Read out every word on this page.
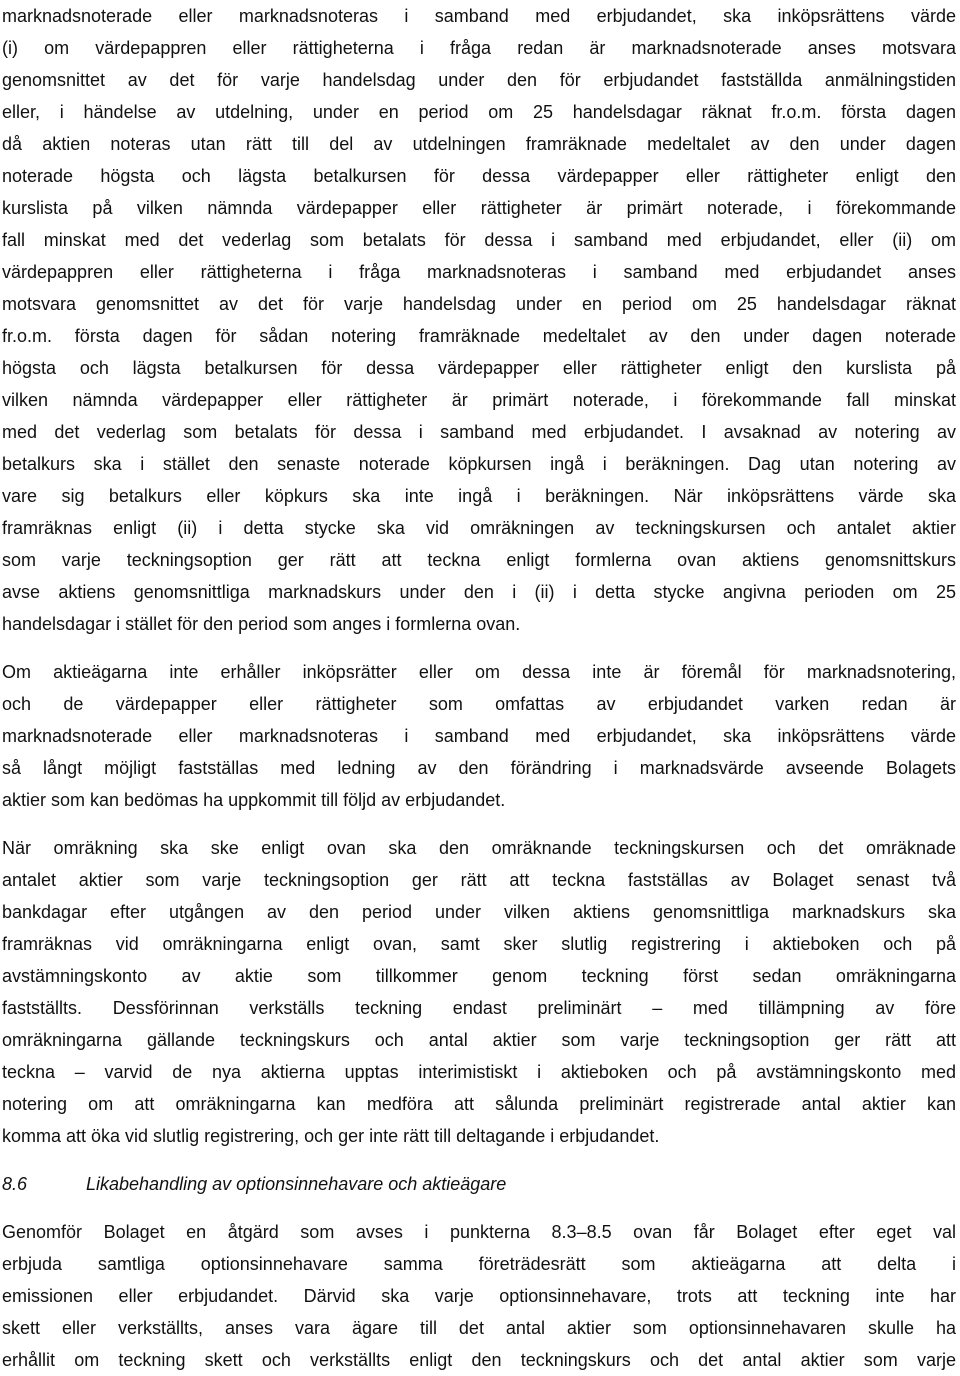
marknadsnoterade eller marknadsnoteras i samband med erbjudandet, ska inköpsrättens värde
(i) om värdepappren eller rättigheterna i fråga redan är marknadsnoterade anses motsvara
genomsnittet av det för varje handelsdag under den för erbjudandet fastställda anmälningstiden
eller, i händelse av utdelning, under en period om 25 handelsdagar räknat fr.o.m. första dagen
då aktien noteras utan rätt till del av utdelningen framräknade medeltalet av den under dagen
noterade högsta och lägsta betalkursen för dessa värdepapper eller rättigheter enligt den
kurslista på vilken nämnda värdepapper eller rättigheter är primärt noterade, i förekommande
fall minskat med det vederlag som betalats för dessa i samband med erbjudandet, eller (ii) om
värdepappren eller rättigheterna i fråga marknadsnoteras i samband med erbjudandet anses
motsvara genomsnittet av det för varje handelsdag under en period om 25 handelsdagar räknat
fr.o.m. första dagen för sådan notering framräknade medeltalet av den under dagen noterade
högsta och lägsta betalkursen för dessa värdepapper eller rättigheter enligt den kurslista på
vilken nämnda värdepapper eller rättigheter är primärt noterade, i förekommande fall minskat
med det vederlag som betalats för dessa i samband med erbjudandet. I avsaknad av notering av
betalkurs ska i stället den senaste noterade köpkursen ingå i beräkningen. Dag utan notering av
vare sig betalkurs eller köpkurs ska inte ingå i beräkningen. När inköpsrättens värde ska
framräknas enligt (ii) i detta stycke ska vid omräkningen av teckningskursen och antalet aktier
som varje teckningsoption ger rätt att teckna enligt formlerna ovan aktiens genomsnittskurs
avse aktiens genomsnittliga marknadskurs under den i (ii) i detta stycke angivna perioden om 25
handelsdagar i stället för den period som anges i formlerna ovan.
Om aktieägarna inte erhåller inköpsrätter eller om dessa inte är föremål för marknadsnotering,
och de värdepapper eller rättigheter som omfattas av erbjudandet varken redan är
marknadsnoterade eller marknadsnoteras i samband med erbjudandet, ska inköpsrättens värde
så långt möjligt fastställas med ledning av den förändring i marknadsvärde avseende Bolagets
aktier som kan bedömas ha uppkommit till följd av erbjudandet.
När omräkning ska ske enligt ovan ska den omräknande teckningskursen och det omräknade
antalet aktier som varje teckningsoption ger rätt att teckna fastställas av Bolaget senast två
bankdagar efter utgången av den period under vilken aktiens genomsnittliga marknadskurs ska
framräknas vid omräkningarna enligt ovan, samt sker slutlig registrering i aktieboken och på
avstämningskonto av aktie som tillkommer genom teckning först sedan omräkningarna
fastställts. Dessförinnan verkställs teckning endast preliminärt – med tillämpning av före
omräkningarna gällande teckningskurs och antal aktier som varje teckningsoption ger rätt att
teckna – varvid de nya aktierna upptas interimistiskt i aktieboken och på avstämningskonto med
notering om att omräkningarna kan medföra att sålunda preliminärt registrerade antal aktier kan
komma att öka vid slutlig registrering, och ger inte rätt till deltagande i erbjudandet.
8.6	Likabehandling av optionsinnehavare och aktieägare
Genomför Bolaget en åtgärd som avses i punkterna 8.3–8.5 ovan får Bolaget efter eget val
erbjuda samtliga optionsinnehavare samma företrädesrätt som aktieägarna att delta i
emissionen eller erbjudandet. Därvid ska varje optionsinnehavare, trots att teckning inte har
skett eller verkställts, anses vara ägare till det antal aktier som optionsinnehavaren skulle ha
erhållit om teckning skett och verkställts enligt den teckningskurs och det antal aktier som varje
